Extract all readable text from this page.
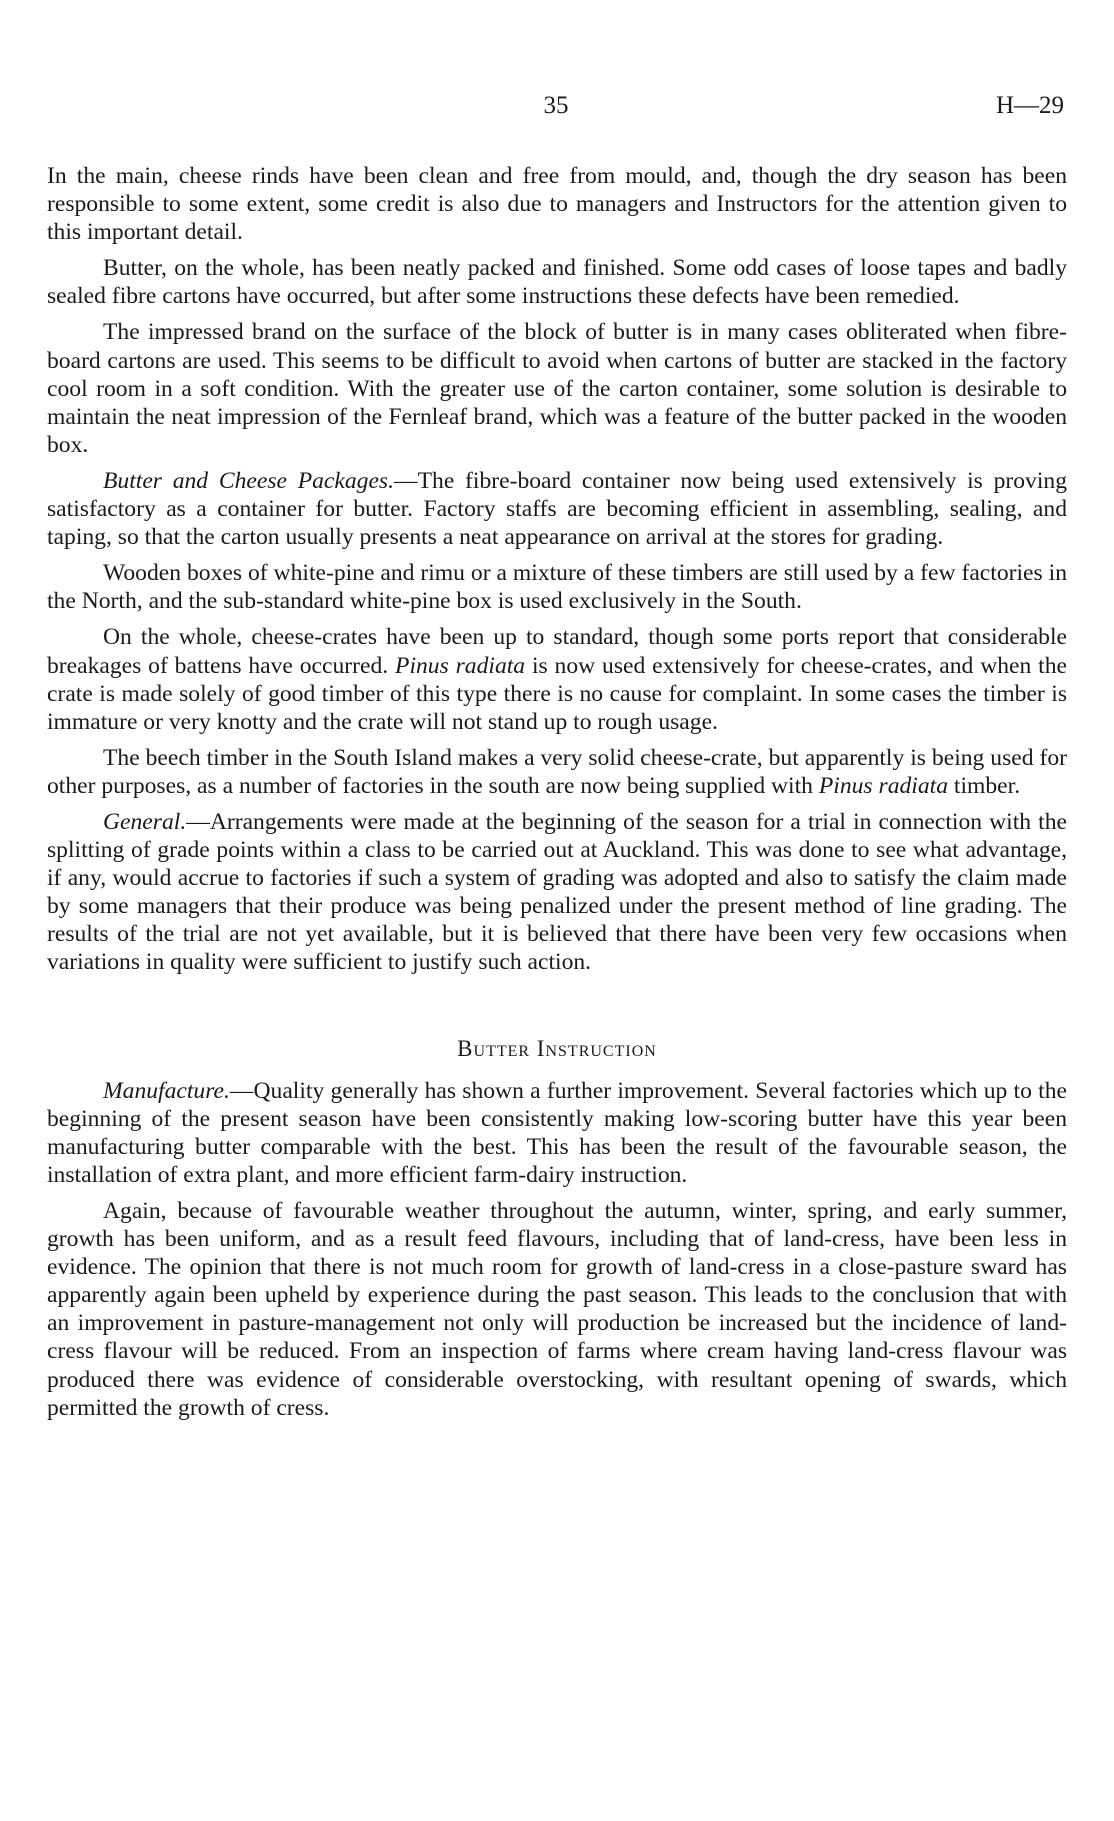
35	H—29

In the main, cheese rinds have been clean and free from mould, and, though the dry season has been responsible to some extent, some credit is also due to managers and Instructors for the attention given to this important detail.

Butter, on the whole, has been neatly packed and finished. Some odd cases of loose tapes and badly sealed fibre cartons have occurred, but after some instructions these defects have been remedied.

The impressed brand on the surface of the block of butter is in many cases obliterated when fibre-board cartons are used. This seems to be difficult to avoid when cartons of butter are stacked in the factory cool room in a soft condition. With the greater use of the carton container, some solution is desirable to maintain the neat impression of the Fernleaf brand, which was a feature of the butter packed in the wooden box.

Butter and Cheese Packages.—The fibre-board container now being used extensively is proving satisfactory as a container for butter. Factory staffs are becoming efficient in assembling, sealing, and taping, so that the carton usually presents a neat appearance on arrival at the stores for grading.

Wooden boxes of white-pine and rimu or a mixture of these timbers are still used by a few factories in the North, and the sub-standard white-pine box is used exclusively in the South.

On the whole, cheese-crates have been up to standard, though some ports report that considerable breakages of battens have occurred. Pinus radiata is now used extensively for cheese-crates, and when the crate is made solely of good timber of this type there is no cause for complaint. In some cases the timber is immature or very knotty and the crate will not stand up to rough usage.

The beech timber in the South Island makes a very solid cheese-crate, but apparently is being used for other purposes, as a number of factories in the south are now being supplied with Pinus radiata timber.

General.—Arrangements were made at the beginning of the season for a trial in connection with the splitting of grade points within a class to be carried out at Auckland. This was done to see what advantage, if any, would accrue to factories if such a system of grading was adopted and also to satisfy the claim made by some managers that their produce was being penalized under the present method of line grading. The results of the trial are not yet available, but it is believed that there have been very few occasions when variations in quality were sufficient to justify such action.

Butter Instruction

Manufacture.—Quality generally has shown a further improvement. Several factories which up to the beginning of the present season have been consistently making low-scoring butter have this year been manufacturing butter comparable with the best. This has been the result of the favourable season, the installation of extra plant, and more efficient farm-dairy instruction.

Again, because of favourable weather throughout the autumn, winter, spring, and early summer, growth has been uniform, and as a result feed flavours, including that of land-cress, have been less in evidence. The opinion that there is not much room for growth of land-cress in a close-pasture sward has apparently again been upheld by experience during the past season. This leads to the conclusion that with an improvement in pasture-management not only will production be increased but the incidence of land-cress flavour will be reduced. From an inspection of farms where cream having land-cress flavour was produced there was evidence of considerable overstocking, with resultant opening of swards, which permitted the growth of cress.
